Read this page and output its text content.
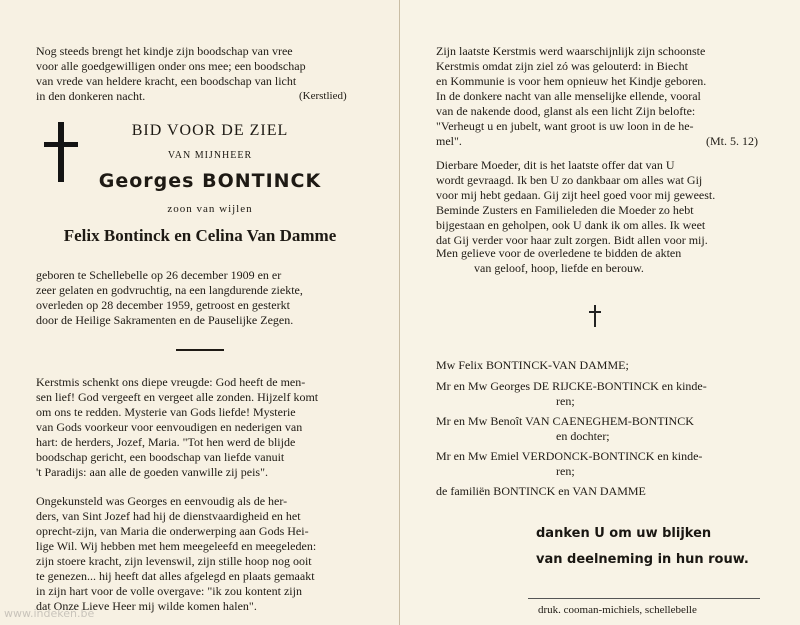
Nog steeds brengt het kindje zijn boodschap van vree
voor alle goedgewilligen onder ons mee; een boodschap
van vrede van heldere kracht, een boodschap van licht
in den donkeren nacht.	(Kerstlied)
BID VOOR DE ZIEL
VAN MIJNHEER
Georges BONTINCK
zoon van wijlen
Felix Bontinck en Celina Van Damme
geboren te Schellebelle op 26 december 1909 en er
zeer gelaten en godvruchtig, na een langdurende ziekte,
overleden op 28 december 1959, getroost en gesterkt
door de Heilige Sakramenten en de Pauselijke Zegen.
Kerstmis schenkt ons diepe vreugde: God heeft de men-
sen lief! God vergeeft en vergeet alle zonden. Hijzelf komt
om ons te redden. Mysterie van Gods liefde! Mysterie
van Gods voorkeur voor eenvoudigen en nederigen van
hart: de herders, Jozef, Maria. "Tot hen werd de blijde
boodschap gericht, een boodschap van liefde vanuit
't Paradijs: aan alle de goeden vanwille zij peis".
Ongekunsteld was Georges en eenvoudig als de her-
ders, van Sint Jozef had hij de dienstvaardigheid en het
oprecht-zijn, van Maria die onderwerping aan Gods Hei-
lige Wil. Wij hebben met hem meegeleefd en meegeleden:
zijn stoere kracht, zijn levenswil, zijn stille hoop nog ooit
te genezen... hij heeft dat alles afgelegd en plaats gemaakt
in zijn hart voor de volle overgave: "ik zou kontent zijn
dat Onze Lieve Heer mij wilde komen halen".
www.indeken.be
Zijn laatste Kerstmis werd waarschijnlijk zijn schoonste
Kerstmis omdat zijn ziel zó was gelouterd: in Biecht
en Kommunie is voor hem opnieuw het Kindje geboren.
In de donkere nacht van alle menselijke ellende, vooral
van de nakende dood, glanst als een licht Zijn belofte:
"Verheugt u en jubelt, want groot is uw loon in de he-
mel".	(Mt. 5. 12)
Dierbare Moeder, dit is het laatste offer dat van U
wordt gevraagd. Ik ben U zo dankbaar om alles wat Gij
voor mij hebt gedaan. Gij zijt heel goed voor mij geweest.
Beminde Zusters en Familieleden die Moeder zo hebt
bijgestaan en geholpen, ook U dank ik om alles. Ik weet
dat Gij verder voor haar zult zorgen. Bidt allen voor mij.
Men gelieve voor de overledene te bidden de akten
van geloof, hoop, liefde en berouw.
Mw Felix BONTINCK-VAN DAMME;
Mr en Mw Georges DE RIJCKE-BONTINCK en kinde-
ren;
Mr en Mw Benoît VAN CAENEGHEM-BONTINCK
en dochter;
Mr en Mw Emiel VERDONCK-BONTINCK en kinde-
ren;
de familiën BONTINCK en VAN DAMME
danken U om uw blijken
van deelneming in hun rouw.
druk. cooman-michiels, schellebelle
